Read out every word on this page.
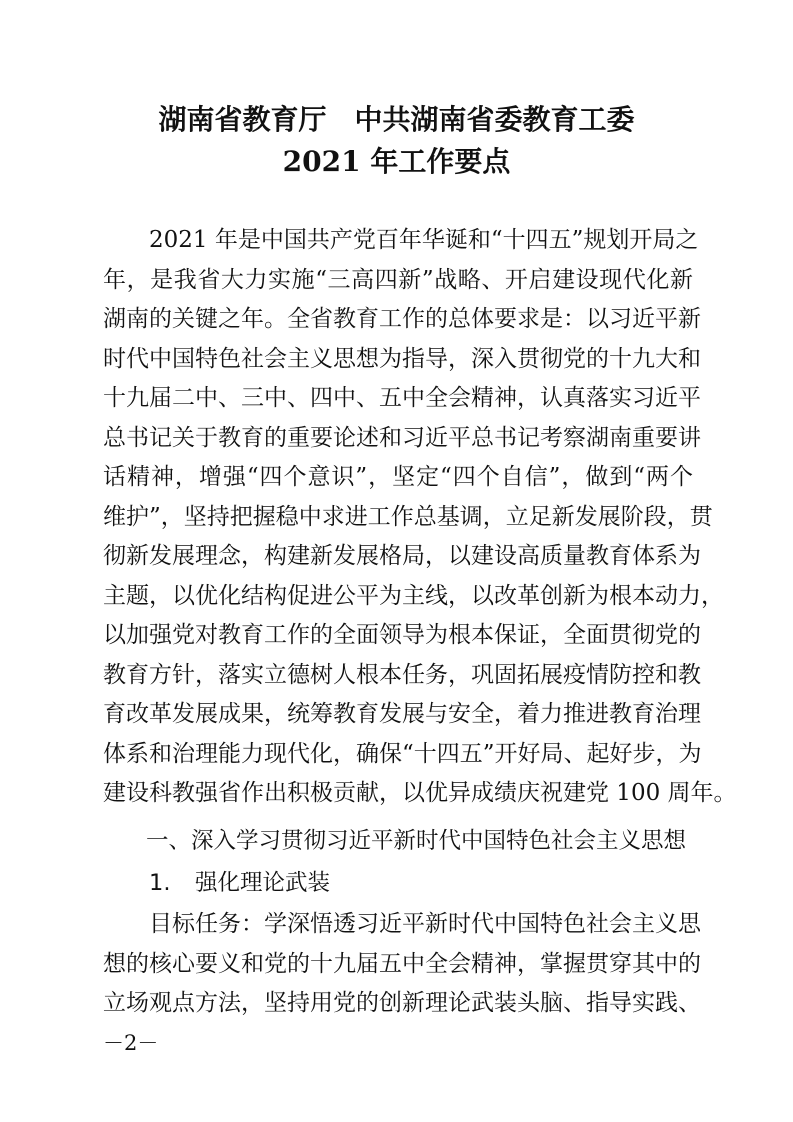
湖南省教育厅 中共湖南省委教育工委
2021 年工作要点
2021 年是中国共产党百年华诞和“十四五”规划开局之
年，是我省大力实施“三高四新”战略、开启建设现代化新
湖南的关键之年。全省教育工作的总体要求是：以习近平新
时代中国特色社会主义思想为指导，深入贯彻党的十九大和
十九届二中、三中、四中、五中全会精神，认真落实习近平
总书记关于教育的重要论述和习近平总书记考察湖南重要讲
话精神，增强“四个意识”，坚定“四个自信”，做到“两个
维护”，坚持把握稳中求进工作总基调，立足新发展阶段，贯
彻新发展理念，构建新发展格局，以建设高质量教育体系为
主题，以优化结构促进公平为主线，以改革创新为根本动力，
以加强党对教育工作的全面领导为根本保证，全面贯彻党的
教育方针，落实立德树人根本任务，巩固拓展疫情防控和教
育改革发展成果，统筹教育发展与安全，着力推进教育治理
体系和治理能力现代化，确保“十四五”开好局、起好步，为
建设科教强省作出积极贡献，以优异成绩庆祝建党 100 周年。
一、深入学习贯彻习近平新时代中国特色社会主义思想
1. 强化理论武装
目标任务：学深悟透习近平新时代中国特色社会主义思
想的核心要义和党的十九届五中全会精神，掌握贯穿其中的
立场观点方法，坚持用党的创新理论武装头脑、指导实践、
－2－
